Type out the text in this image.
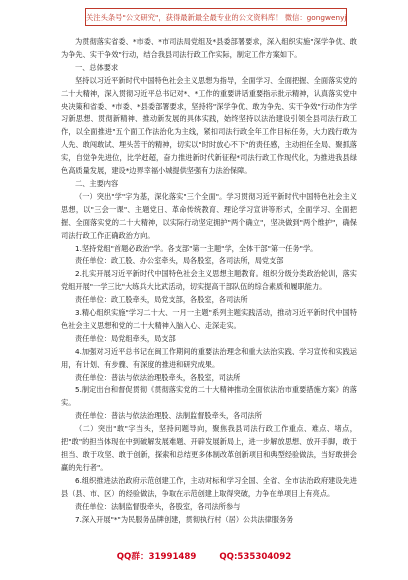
关注头条号"公文研究"，获得最新最全最专业的公文资料库！ 微信：gongwenyj

为贯彻落实省委、*市委、*市司法局党组及*县委部署要求，深入组织实施"深学争优、敢为争先、实干争效"行动，结合我县司法行政工作实际，制定工作方案如下。

一、总体要求

坚持以习近平新时代中国特色社会主义思想为指导，全面学习、全面把握、全面落实党的二十大精神，深入贯彻习近平总书记对*、*工作的重要讲话重要指示批示精神，认真落实党中央决策和省委、*市委、*县委部署要求，坚持将"深学争优、敢为争先、实干争效"行动作为学习新思想、贯彻新精神、推动新发展的具体实践，始终坚持以法治建设引领全县司法行政工作，以全面推进"五个面工作法治化为主线，紧扣司法行政全年工作目标任务，大力践行敢为人先、敢闯敢试、埋头苦干的精神，切实以"时时放心不下"的责任感，主动担任全局、聚抓落实，自觉争先进位，比学赶超，奋力推进新时代新征程*司法行政工作现代化，为推进我县绿色高质量发展，建设*边界幸福小城提供坚强有力法治保障。

二、主要内容

（一）突出"学"字为基，深化落实"三个全面"。学习贯彻习近平新时代中国特色社会主义思想，以"三会一课"、主题党日、革命传统教育、理论学习宣讲等形式，全面学习、全面把握、全面落实党的二十大精神，以实际行动坚定拥护"两个确立"，坚决做到"两个维护"，确保司法行政工作正确政治方向。

1.坚持党组"首题必政治"学。各支部"第一主题"学，全体干部"第一任务"学。

责任单位：政工股、办公室牵头，局各股室，各司法所，局党支部

2.扎实开展习近平新时代中国特色社会主义思想主题教育。组织分级分类政治轮训，落实党组开展"一学三比"大练兵大比武活动，切实提高干部队伍的综合素质和履职能力。

责任单位：政工股牵头，局党支部，各股室，各司法所

3.精心组织实施"学习二十大、一月一主题"系列主题实践活动，推动习近平新时代中国特色社会主义思想和党的二十大精神入脑入心、走深走实。

责任单位：局党组牵头，局支部

4.加强对习近平总书记在闽工作期间的重要法治理念和重大法治实践、学习宣传和实践运用，有计划、有步骤、有深度的推进和研究成果。

责任单位：普法与依法治理股牵头，各股室，司法所

5.制定出台和督促贯彻《贯彻落实党的二十大精神推动全面依法治市重要措施方案》的落实。

责任单位：普法与依法治理股、法制监督股牵头，各司法所

（二）突出"敢"字当头，坚持问题导向，聚焦我县司法行政工作重点、难点、堵点，把"敢"的担当体现在中到破解发展难题、开辟发展新局上，进一步解放思想、放开手脚，敢于担当、敢于攻坚、敢于创新，探索和总结更多体制改革创新项目和典型经验做法，当好敢拼会赢的先行者"。

6.组织推进法治政府示范创建工作，主动对标和学习全国、全省、全市法治政府建设先进县（县、市、区）的经验做法，争取在示范创建上取得突破，力争在单项目上有亮点。

责任单位：法制监督股牵头，各股室，各司法所参与

7.深入开展"*"为民服务品牌创建，贯彻执行村（居）公共法律服务务

QQ群：31991489	QQ:535304092
